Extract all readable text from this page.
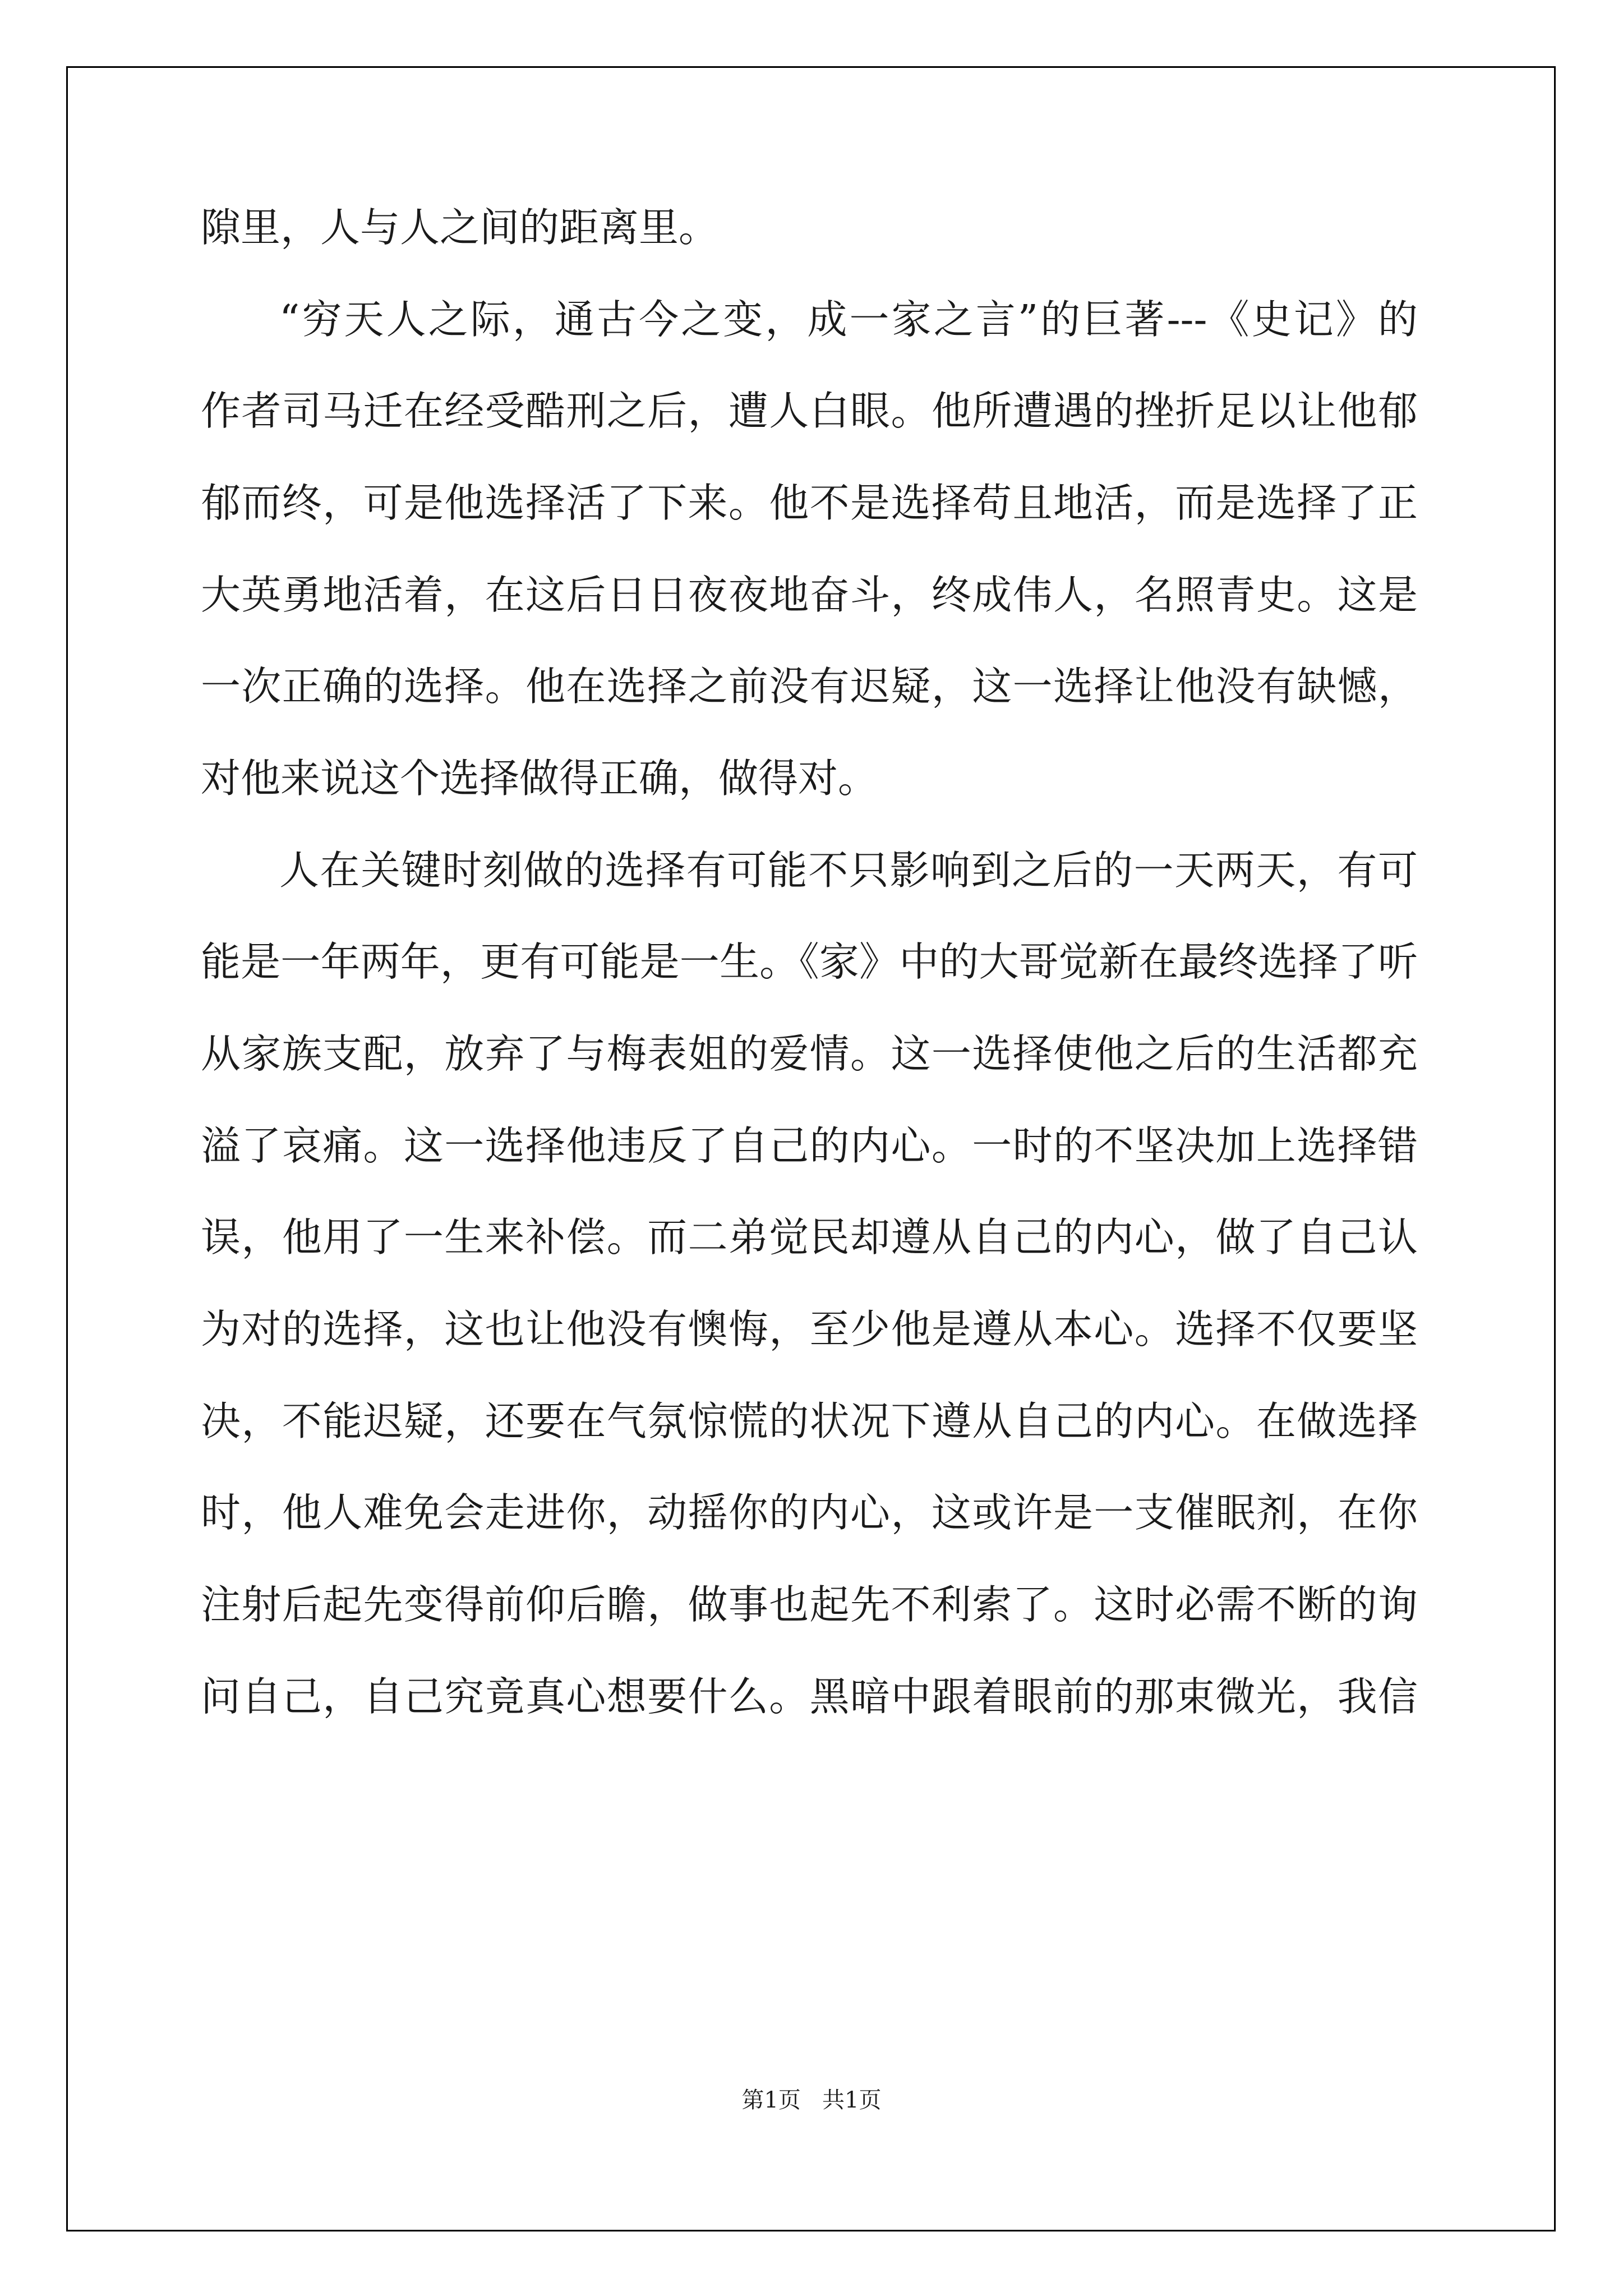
隙里，人与人之间的距离里。

“穷天人之际，通古今之变，成一家之言”的巨著---《史记》的

作者司马迁在经受酷刑之后，遭人白眼。他所遭遇的挫折足以让他郁

郁而终，可是他选择活了下来。他不是选择苟且地活，而是选择了正

大英勇地活着，在这后日日夜夜地奋斗，终成伟人，名照青史。这是

一次正确的选择。他在选择之前没有迟疑，这一选择让他没有缺憾，

对他来说这个选择做得正确，做得对。

人在关键时刻做的选择有可能不只影响到之后的一天两天，有可

能是一年两年，更有可能是一生。《家》中的大哥觉新在最终选择了听

从家族支配，放弃了与梅表姐的爱情。这一选择使他之后的生活都充

溢了哀痛。这一选择他违反了自己的内心。一时的不坚决加上选择错

误，他用了一生来补偿。而二弟觉民却遵从自己的内心，做了自己认

为对的选择，这也让他没有懊悔，至少他是遵从本心。选择不仅要坚

决，不能迟疑，还要在气氛惊慌的状况下遵从自己的内心。在做选择

时，他人难免会走进你，动摇你的内心，这或许是一支催眠剂，在你

注射后起先变得前仰后瞻，做事也起先不利索了。这时必需不断的询

问自己，自己究竟真心想要什么。黑暗中跟着眼前的那束微光，我信

第1页   共1页
